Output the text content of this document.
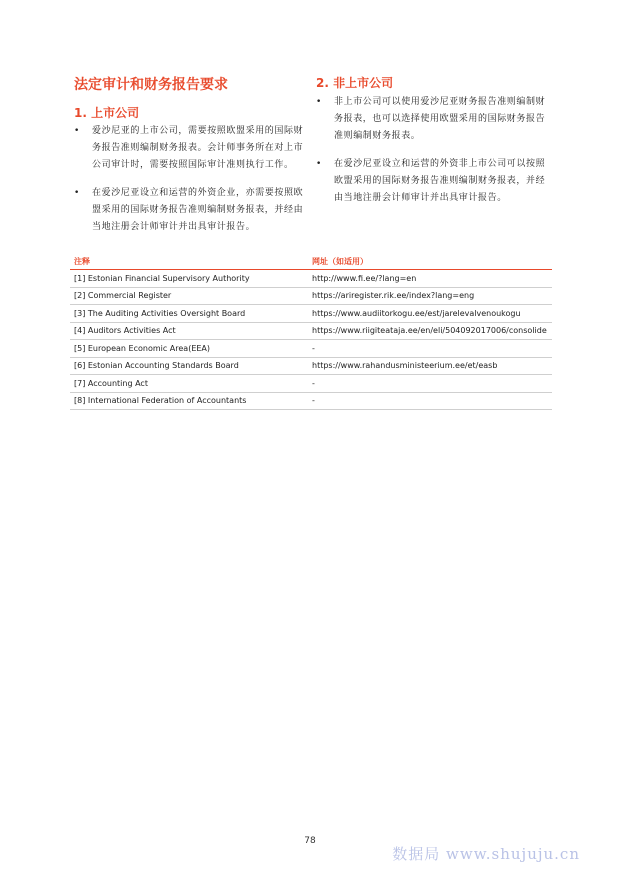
法定审计和财务报告要求
1. 上市公司
• 爱沙尼亚的上市公司，需要按照欧盟采用的国际财务报告准则编制财务报表。会计师事务所在对上市公司审计时，需要按照国际审计准则执行工作。
• 在爱沙尼亚设立和运营的外资企业，亦需要按照欧盟采用的国际财务报告准则编制财务报表，并经由当地注册会计师审计并出具审计报告。
2. 非上市公司
• 非上市公司可以使用爱沙尼亚财务报告准则编制财务报表，也可以选择使用欧盟采用的国际财务报告准则编制财务报表。
• 在爱沙尼亚设立和运营的外资非上市公司可以按照欧盟采用的国际财务报告准则编制财务报表，并经由当地注册会计师审计并出具审计报告。
注释	网址（如适用）
[1] Estonian Financial Supervisory Authority	http://www.fi.ee/?lang=en
[2] Commercial Register	https://ariregister.rik.ee/index?lang=eng
[3] The Auditing Activities Oversight Board	https://www.audiitorkogu.ee/est/jarelevalvenoukogu
[4] Auditors Activities Act	https://www.riigiteataja.ee/en/eli/504092017006/consolide
[5] European Economic Area(EEA)	-
[6] Estonian Accounting Standards Board	https://www.rahandusministeerium.ee/et/easb
[7] Accounting Act	-
[8] International Federation of Accountants	-
78
数据局 www.shujuju.cn
